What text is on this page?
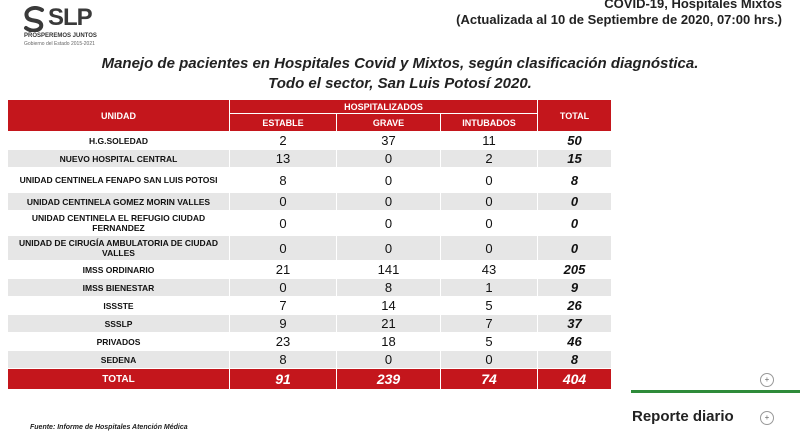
SLP
PROSPEREMOS JUNTOS
Gobierno del Estado 2015-2021
COVID-19, Hospitales Mixtos
(Actualizada al 10 de Septiembre de 2020, 07:00 hrs.)
Manejo de pacientes en Hospitales Covid y Mixtos, según clasificación diagnóstica.
Todo el sector, San Luis Potosí 2020.
UNIDAD	HOSPITALIZADOS			TOTAL
	ESTABLE	GRAVE	INTUBADOS	
H.G.SOLEDAD	2	37	11	50
NUEVO HOSPITAL CENTRAL	13	0	2	15
UNIDAD CENTINELA FENAPO SAN LUIS POTOSI	8	0	0	8
UNIDAD CENTINELA GOMEZ MORIN VALLES	0	0	0	0
UNIDAD CENTINELA EL REFUGIO CIUDAD FERNANDEZ	0	0	0	0
UNIDAD DE CIRUGÍA AMBULATORIA DE CIUDAD VALLES	0	0	0	0
IMSS ORDINARIO	21	141	43	205
IMSS BIENESTAR	0	8	1	9
ISSSTE	7	14	5	26
SSSLP	9	21	7	37
PRIVADOS	23	18	5	46
SEDENA	8	0	0	8
TOTAL	91	239	74	404
Fuente: Informe de Hospitales Atención Médica
+
Reporte diario	+
